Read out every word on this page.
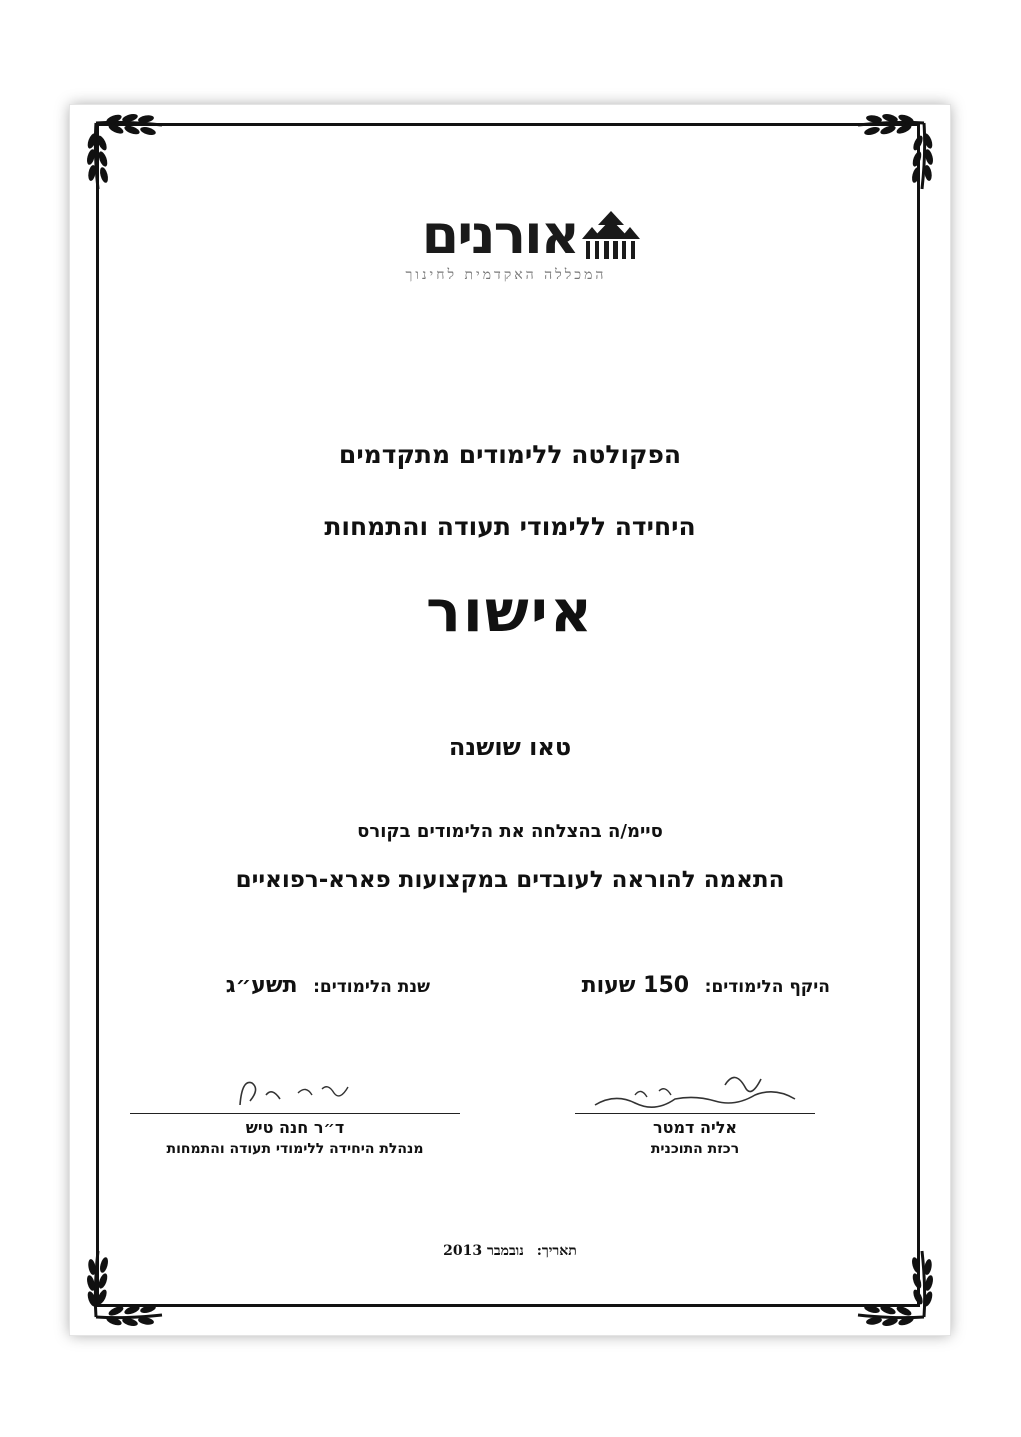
אורנים
המכללה האקדמית לחינוך
הפקולטה ללימודים מתקדמים
היחידה ללימודי תעודה והתמחות
אישור
טאו שושנה
סיימ/ה בהצלחה את הלימודים בקורס
התאמה להוראה לעובדים במקצועות פארא-רפואיים
היקף הלימודים: 150 שעות
שנת הלימודים: תשע״ג
אליה דמטר
רכזת התוכנית
ד״ר חנה טיש
מנהלת היחידה ללימודי תעודה והתמחות
תאריך: נובמבר 2013
